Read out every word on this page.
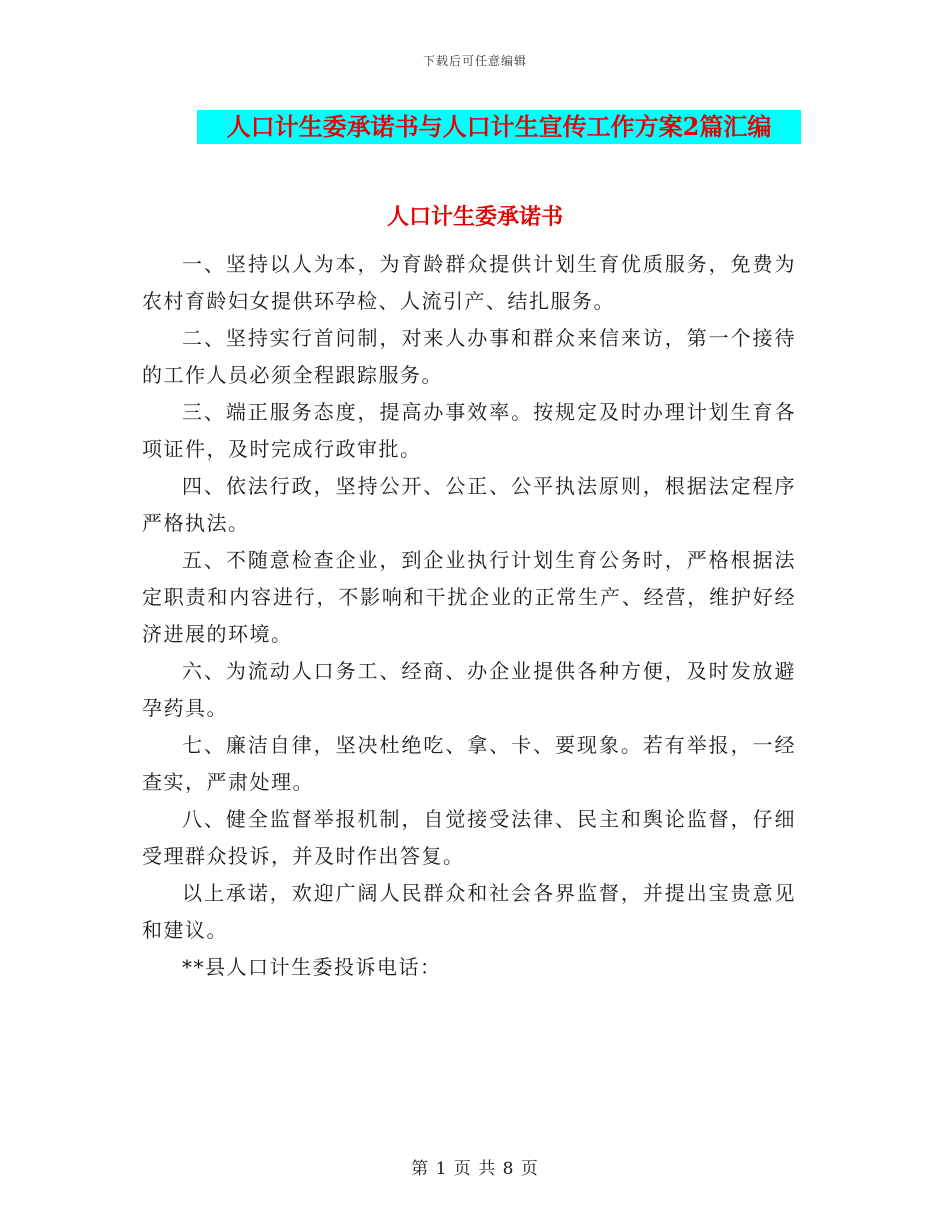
下载后可任意编辑
人口计生委承诺书与人口计生宣传工作方案2篇汇编
人口计生委承诺书

一、坚持以人为本，为育龄群众提供计划生育优质服务，免费为农村育龄妇女提供环孕检、人流引产、结扎服务。

二、坚持实行首问制，对来人办事和群众来信来访，第一个接待的工作人员必须全程跟踪服务。

三、端正服务态度，提高办事效率。按规定及时办理计划生育各项证件，及时完成行政审批。

四、依法行政，坚持公开、公正、公平执法原则，根据法定程序严格执法。

五、不随意检查企业，到企业执行计划生育公务时，严格根据法定职责和内容进行，不影响和干扰企业的正常生产、经营，维护好经济进展的环境。

六、为流动人口务工、经商、办企业提供各种方便，及时发放避孕药具。

七、廉洁自律，坚决杜绝吃、拿、卡、要现象。若有举报，一经查实，严肃处理。

八、健全监督举报机制，自觉接受法律、民主和舆论监督，仔细受理群众投诉，并及时作出答复。

以上承诺，欢迎广阔人民群众和社会各界监督，并提出宝贵意见和建议。

**县人口计生委投诉电话：

第 1 页 共 8 页
